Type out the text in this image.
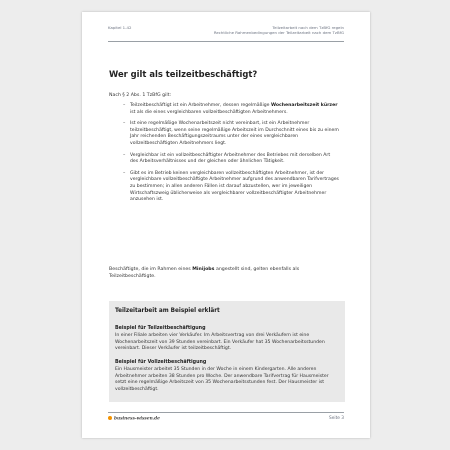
Kapitel 1-42	Teilzeitarbeit nach dem TzBfG regeln
Rechtliche Rahmenbedingungen der Teilzeitarbeit nach dem TzBfG
Wer gilt als teilzeitbeschäftigt?
Nach § 2 Abs. 1 TzBfG gilt:
– Teilzeitbeschäftigt ist ein Arbeitnehmer, dessen regelmäßige Wochenarbeitszeit kürzer ist als die eines vergleichbaren vollzeitbeschäftigten Arbeitnehmers.
– Ist eine regelmäßige Wochenarbeitszeit nicht vereinbart, ist ein Arbeitnehmer teilzeitbeschäftigt, wenn seine regelmäßige Arbeitszeit im Durchschnitt eines bis zu einem Jahr reichenden Beschäftigungszeitraums unter der eines vergleichbaren vollzeitbeschäftigten Arbeitnehmers liegt.
– Vergleichbar ist ein vollzeitbeschäftigter Arbeitnehmer des Betriebes mit derselben Art des Arbeitsverhältnisses und der gleichen oder ähnlichen Tätigkeit.
– Gibt es im Betrieb keinen vergleichbaren vollzeitbeschäftigten Arbeitnehmer, ist der vergleichbare vollzeitbeschäftigte Arbeitnehmer aufgrund des anwendbaren Tarifvertrages zu bestimmen; in allen anderen Fällen ist darauf abzustellen, wer im jeweiligen Wirtschaftszweig üblicherweise als vergleichbarer vollzeitbeschäftigter Arbeitnehmer anzusehen ist.
Beschäftigte, die im Rahmen eines Minijobs angestellt sind, gelten ebenfalls als Teilzeitbeschäftigte.
Teilzeitarbeit am Beispiel erklärt
Beispiel für Teilzeitbeschäftigung
In einer Filiale arbeiten vier Verkäufer. Im Arbeitsvertrag von drei Verkäufern ist eine Wochenarbeitszeit von 39 Stunden vereinbart. Ein Verkäufer hat 35 Wochenarbeitsstunden vereinbart. Dieser Verkäufer ist teilzeitbeschäftigt.
Beispiel für Vollzeitbeschäftigung
Ein Hausmeister arbeitet 35 Stunden in der Woche in einem Kindergarten. Alle anderen Arbeitnehmer arbeiten 38 Stunden pro Woche. Der anwendbare Tarifvertrag für Hausmeister setzt eine regelmäßige Arbeitszeit von 35 Wochenarbeitsstunden fest. Der Hausmeister ist vollzeitbeschäftigt.
business-wissen.de	Seite 3
